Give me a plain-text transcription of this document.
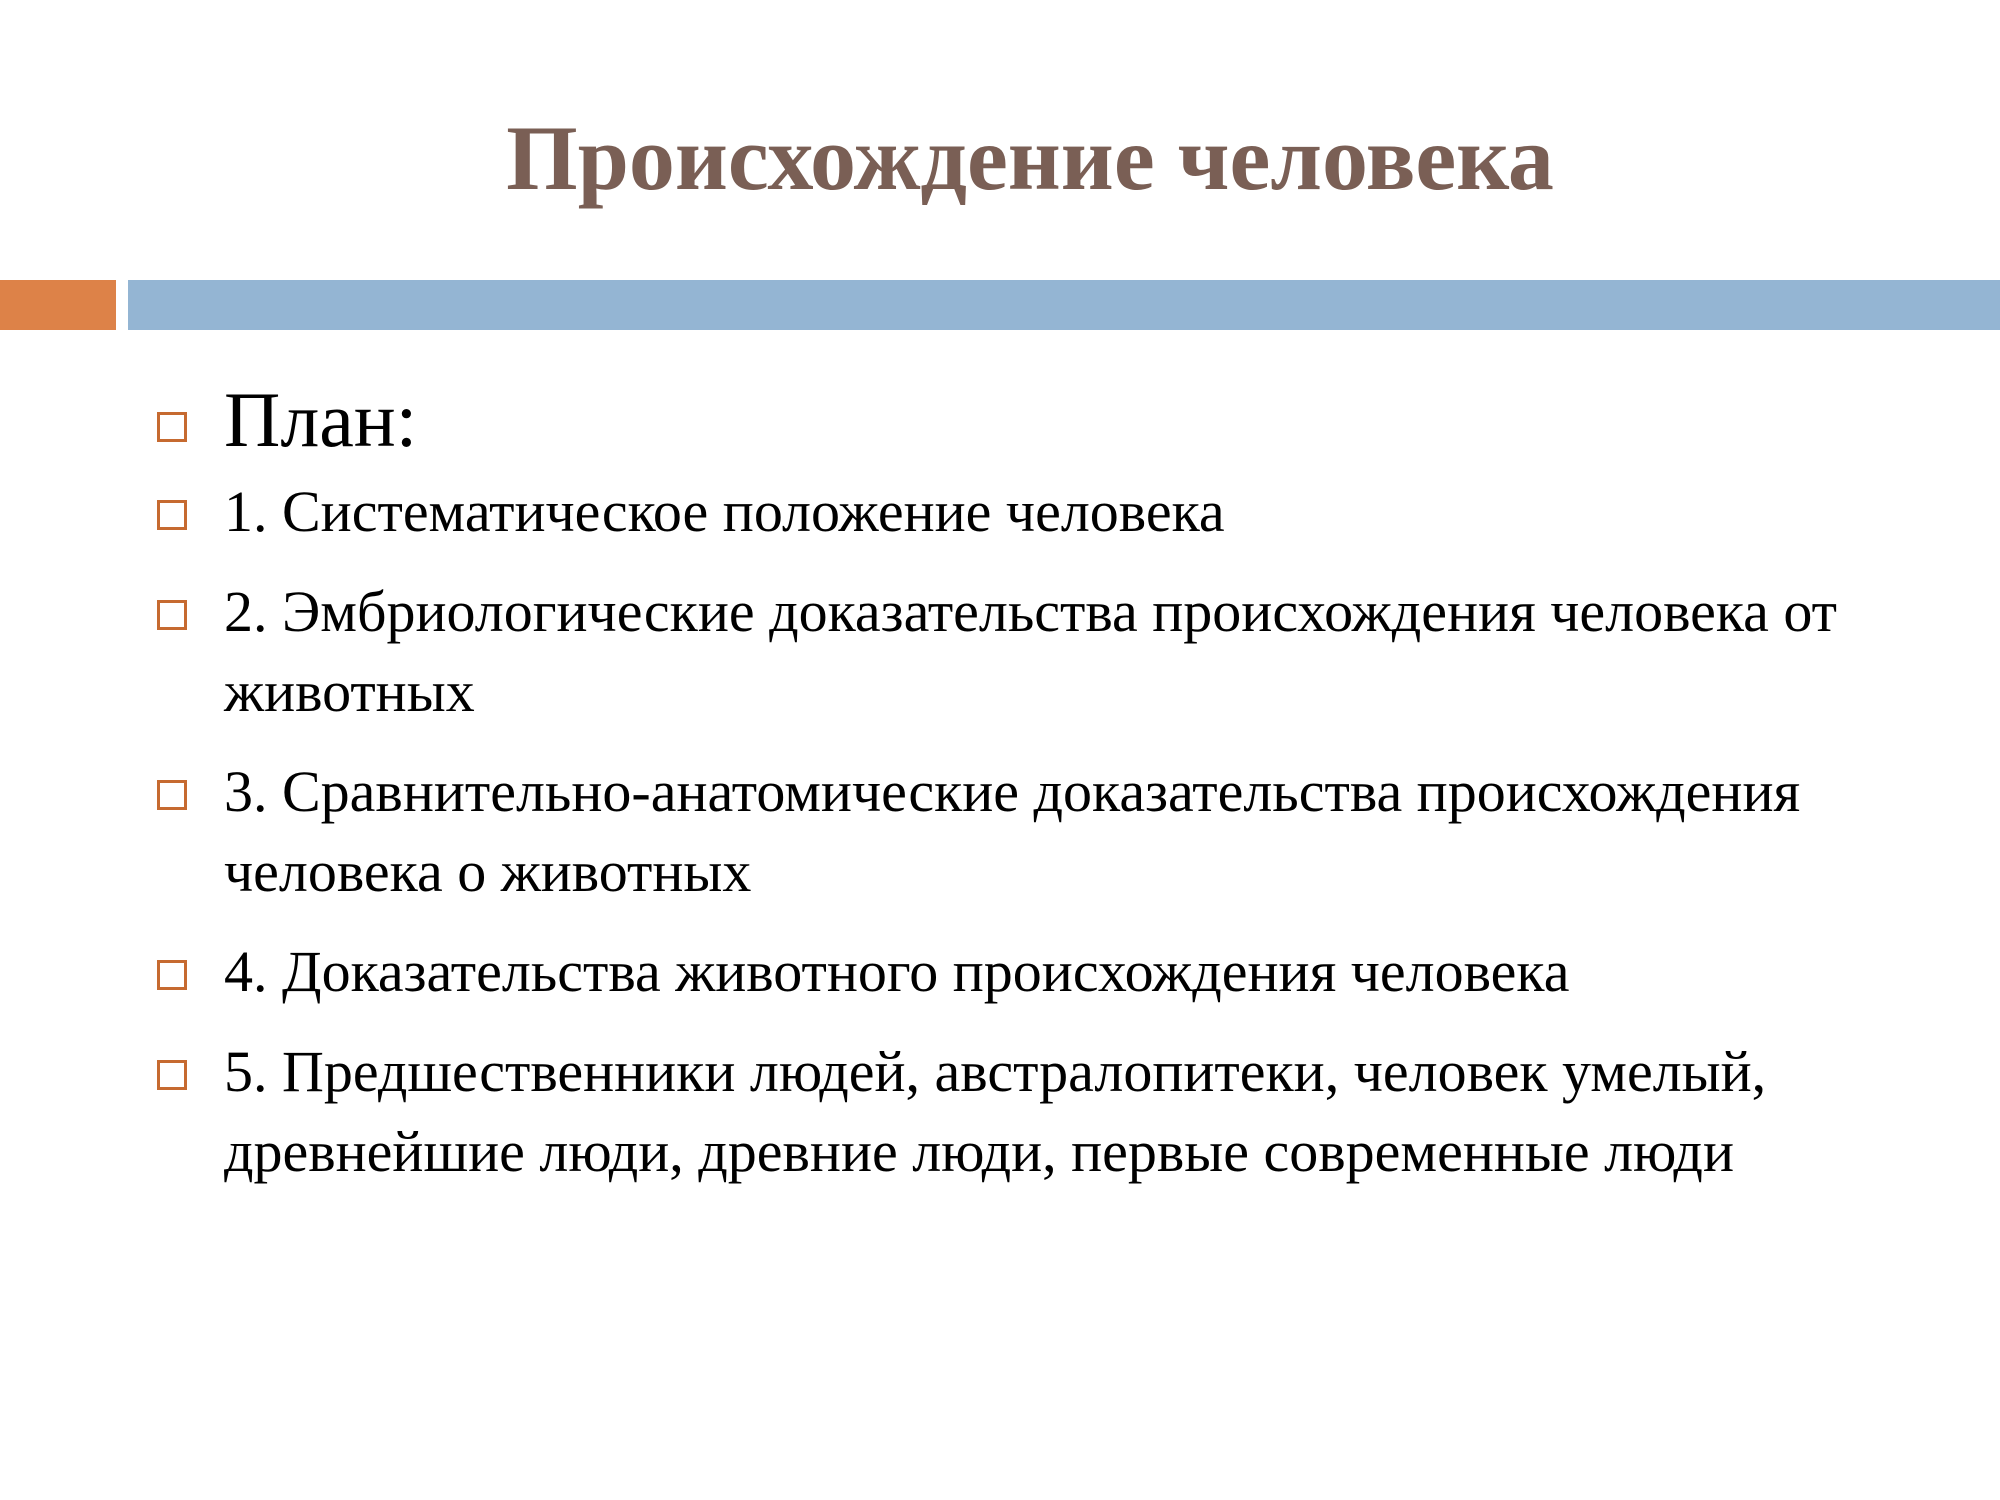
Происхождение человека
План:
1. Систематическое положение человека
2. Эмбриологические доказательства происхождения человека от животных
3. Сравнительно-анатомические доказательства происхождения человека о животных
4. Доказательства животного происхождения человека
5. Предшественники людей, австралопитеки, человек умелый, древнейшие люди, древние люди, первые современные люди
